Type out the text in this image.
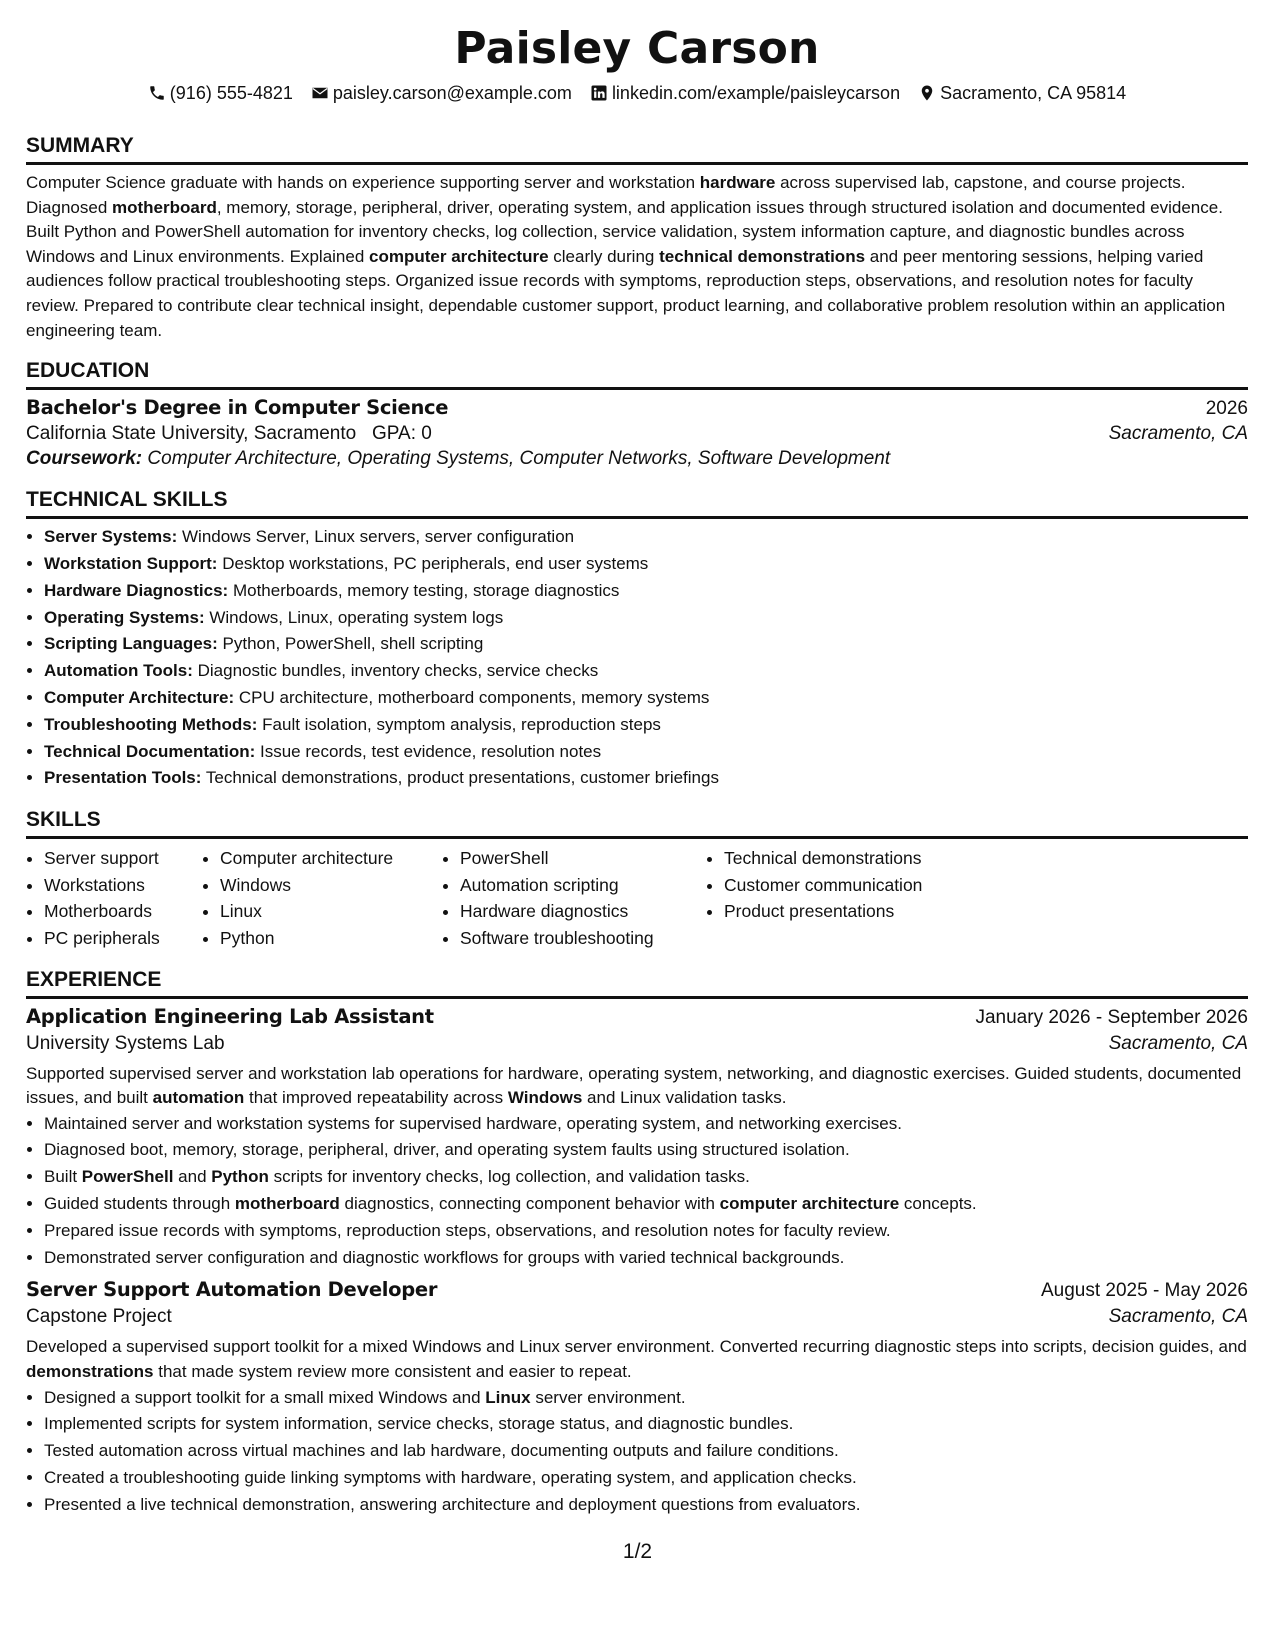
Paisley Carson
(916) 555-4821 paisley.carson@example.com linkedin.com/example/paisleycarson Sacramento, CA 95814
SUMMARY
Computer Science graduate with hands on experience supporting server and workstation hardware across supervised lab, capstone, and course projects. Diagnosed motherboard, memory, storage, peripheral, driver, operating system, and application issues through structured isolation and documented evidence. Built Python and PowerShell automation for inventory checks, log collection, service validation, system information capture, and diagnostic bundles across Windows and Linux environments. Explained computer architecture clearly during technical demonstrations and peer mentoring sessions, helping varied audiences follow practical troubleshooting steps. Organized issue records with symptoms, reproduction steps, observations, and resolution notes for faculty review. Prepared to contribute clear technical insight, dependable customer support, product learning, and collaborative problem resolution within an application engineering team.
EDUCATION
Bachelor's Degree in Computer Science	2026
California State University, Sacramento GPA: 0	Sacramento, CA
Coursework: Computer Architecture, Operating Systems, Computer Networks, Software Development
TECHNICAL SKILLS
• Server Systems: Windows Server, Linux servers, server configuration
• Workstation Support: Desktop workstations, PC peripherals, end user systems
• Hardware Diagnostics: Motherboards, memory testing, storage diagnostics
• Operating Systems: Windows, Linux, operating system logs
• Scripting Languages: Python, PowerShell, shell scripting
• Automation Tools: Diagnostic bundles, inventory checks, service checks
• Computer Architecture: CPU architecture, motherboard components, memory systems
• Troubleshooting Methods: Fault isolation, symptom analysis, reproduction steps
• Technical Documentation: Issue records, test evidence, resolution notes
• Presentation Tools: Technical demonstrations, product presentations, customer briefings
SKILLS
• Server support
• Workstations
• Motherboards
• PC peripherals
• Computer architecture
• Windows
• Linux
• Python
• PowerShell
• Automation scripting
• Hardware diagnostics
• Software troubleshooting
• Technical demonstrations
• Customer communication
• Product presentations
EXPERIENCE
Application Engineering Lab Assistant	January 2026 - September 2026
University Systems Lab	Sacramento, CA
Supported supervised server and workstation lab operations for hardware, operating system, networking, and diagnostic exercises. Guided students, documented issues, and built automation that improved repeatability across Windows and Linux validation tasks.
• Maintained server and workstation systems for supervised hardware, operating system, and networking exercises.
• Diagnosed boot, memory, storage, peripheral, driver, and operating system faults using structured isolation.
• Built PowerShell and Python scripts for inventory checks, log collection, and validation tasks.
• Guided students through motherboard diagnostics, connecting component behavior with computer architecture concepts.
• Prepared issue records with symptoms, reproduction steps, observations, and resolution notes for faculty review.
• Demonstrated server configuration and diagnostic workflows for groups with varied technical backgrounds.
Server Support Automation Developer	August 2025 - May 2026
Capstone Project	Sacramento, CA
Developed a supervised support toolkit for a mixed Windows and Linux server environment. Converted recurring diagnostic steps into scripts, decision guides, and demonstrations that made system review more consistent and easier to repeat.
• Designed a support toolkit for a small mixed Windows and Linux server environment.
• Implemented scripts for system information, service checks, storage status, and diagnostic bundles.
• Tested automation across virtual machines and lab hardware, documenting outputs and failure conditions.
• Created a troubleshooting guide linking symptoms with hardware, operating system, and application checks.
• Presented a live technical demonstration, answering architecture and deployment questions from evaluators.
1/2
